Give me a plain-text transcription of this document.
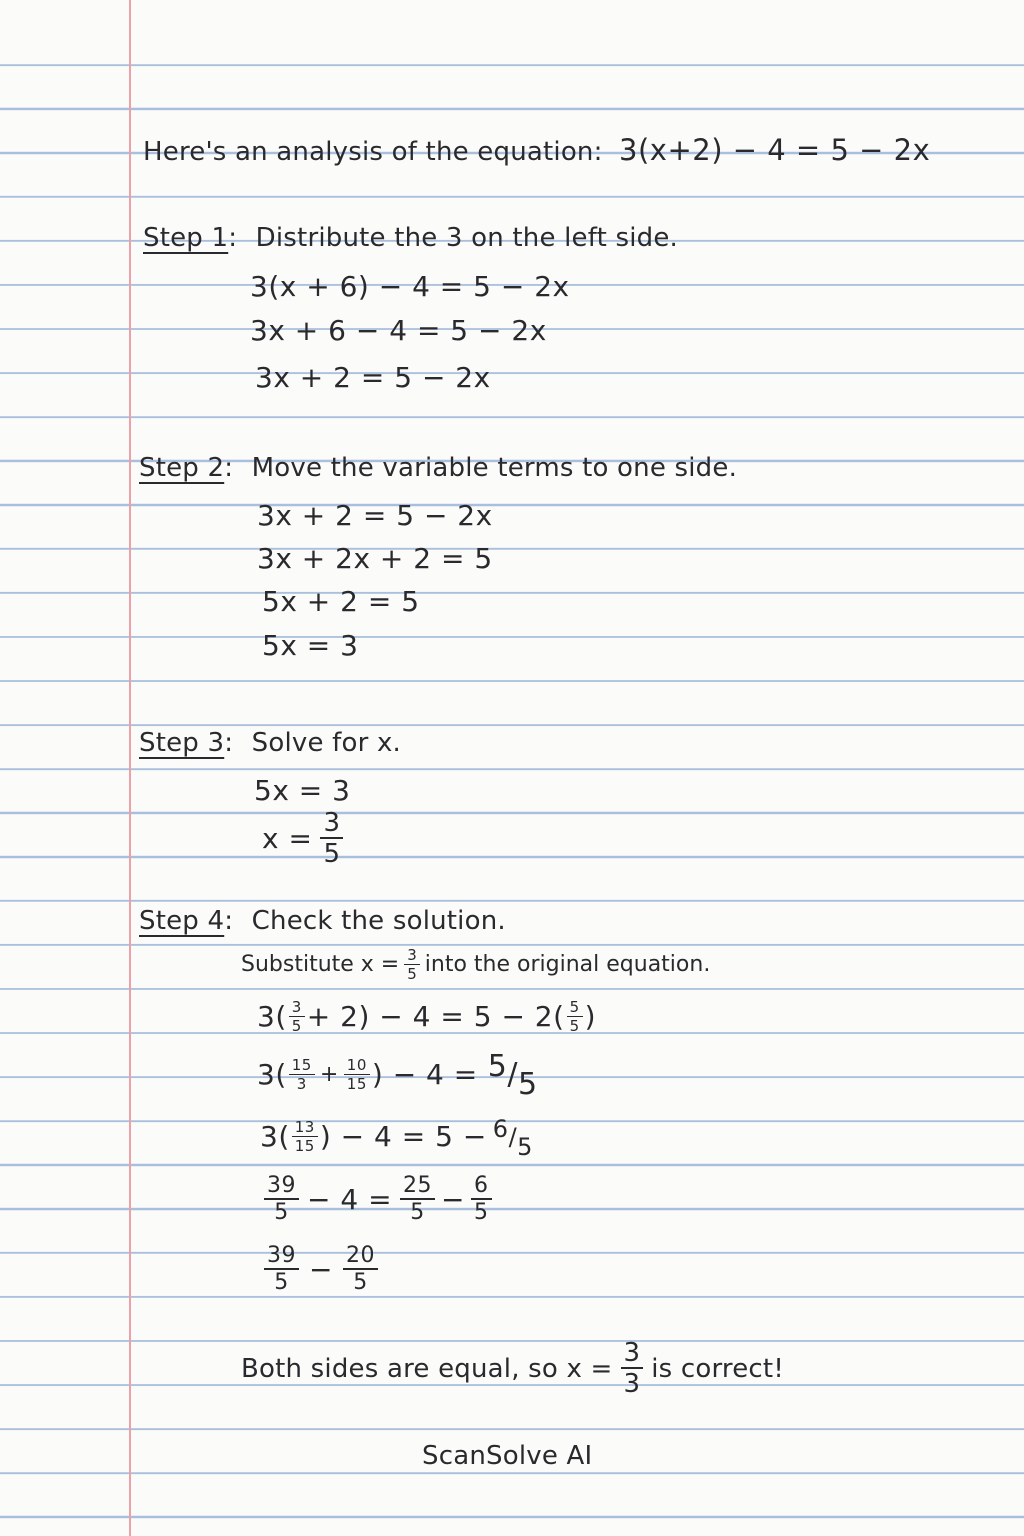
Here's an analysis of the equation: 3(x+2) − 4 = 5 − 2x
Step 1: Distribute the 3 on the left side.
3(x + 6) − 4 = 5 − 2x
3x + 6 − 4 = 5 − 2x
3x + 2 = 5 − 2x
Step 2: Move the variable terms to one side.
3x + 2 = 5 − 2x
3x + 2x + 2 = 5
5x + 2 = 5
5x = 3
Step 3: Solve for x.
5x = 3
$x = \frac{3}{5}$
Step 4: Check the solution.
Substitute $x = \frac{3}{5}$ into the original equation.
$3( \frac{3}{5} + 2) - 4 = 5 - 2( \frac{5}{5}$ )
$3( \frac{15}{3} + \frac{10}{15}$ ) − 4 = 5/5
$3( \frac{13}{15}$ ) − 4 = 5 − 6/5
$\frac{39}{5} - 4 = \frac{25}{5} - \frac{6}{5}$
$\frac{39}{5} - \frac{20}{5}$
Both sides are equal, so $x = \frac{3}{3}$ is correct!
ScanSolve AI
